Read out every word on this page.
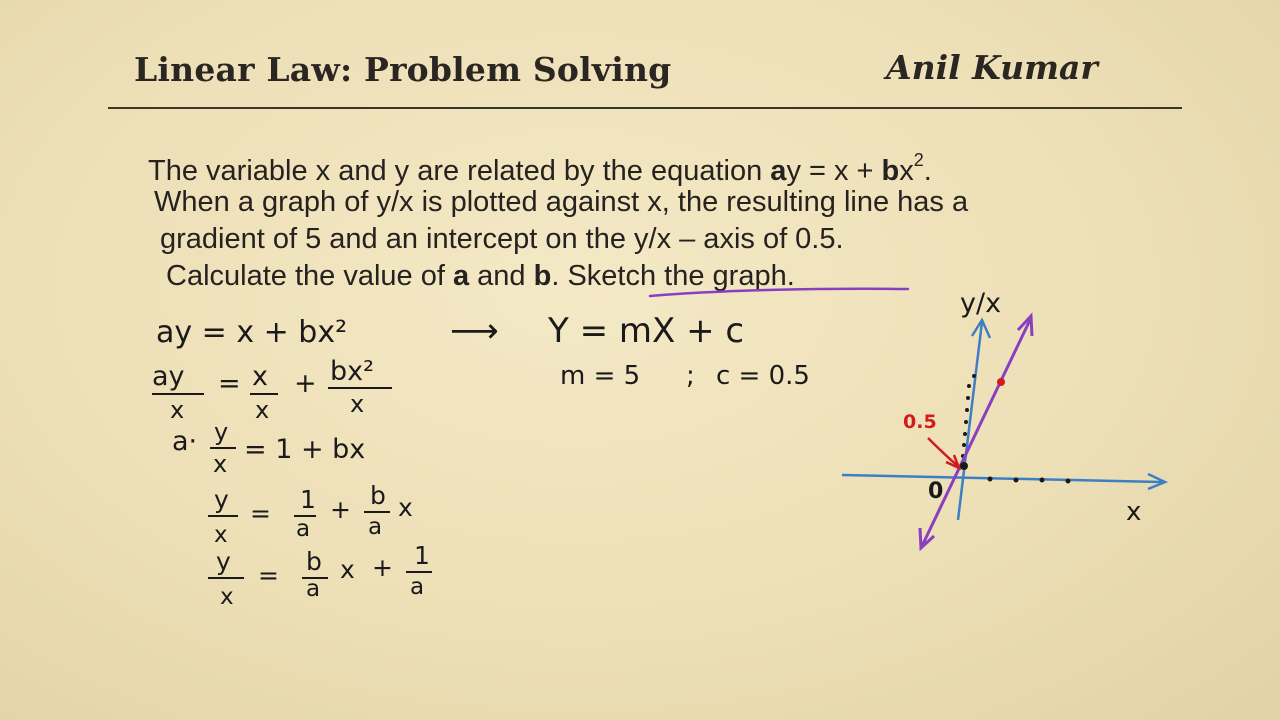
Linear Law: Problem Solving	Anil Kumar
The variable x and y are related by the equation ay = $x + bx^2$.
When a graph of y/x is plotted against x, the resulting line has a
gradient of 5 and an intercept on the y/x – axis of 0.5.
Calculate the value of a and b. Sketch the graph.
ay = x + bx²	⟶ Y = mX + c
m = 5 ; c = 0.5
ay
x
= x
x
+ bx²
x
a· y
x = 1 + bx
y
x
= 1
a
+ b
a
x
y
x
= b
a
x + 1
a
0.5
y/x
x
0
